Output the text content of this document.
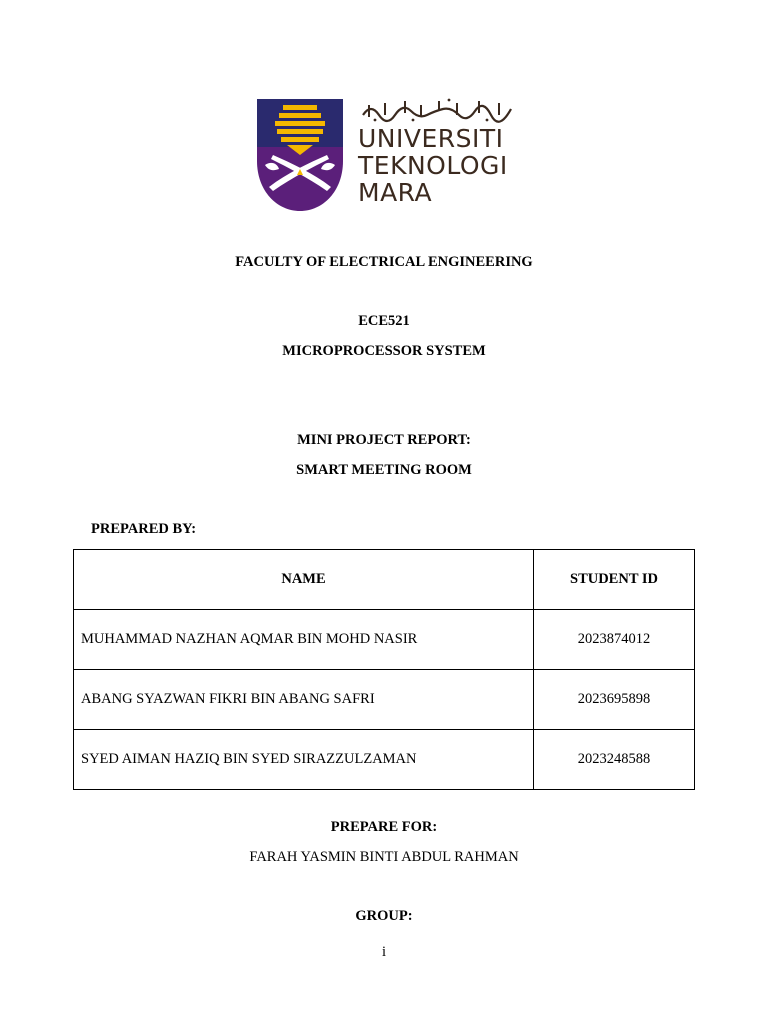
UNIVERSITI
TEKNOLOGI
MARA
FACULTY OF ELECTRICAL ENGINEERING
ECE521
MICROPROCESSOR SYSTEM
MINI PROJECT REPORT:
SMART MEETING ROOM
PREPARED BY:
NAME	STUDENT ID
MUHAMMAD NAZHAN AQMAR BIN MOHD NASIR	2023874012
ABANG SYAZWAN FIKRI BIN ABANG SAFRI	2023695898
SYED AIMAN HAZIQ BIN SYED SIRAZZULZAMAN	2023248588
PREPARE FOR:
FARAH YASMIN BINTI ABDUL RAHMAN
GROUP:
i
